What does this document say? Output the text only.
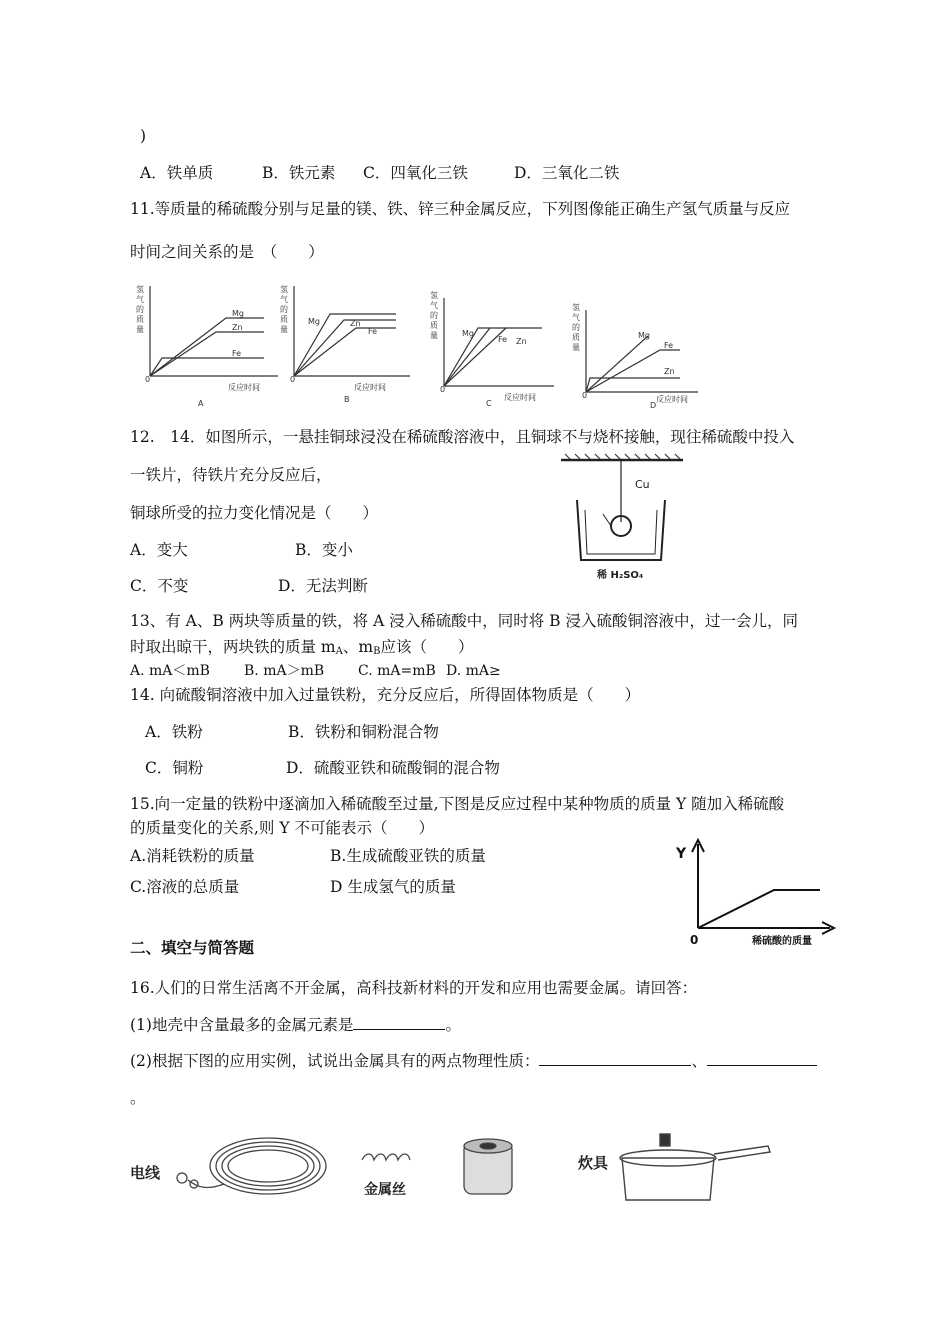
)
A．铁单质	B．铁元素 C．四氧化三铁	D．三氧化二铁
11.等质量的稀硫酸分别与足量的镁、铁、锌三种金属反应，下列图像能正确生产氢气质量与反应
时间之间关系的是　（　　）
氢
气
的
质
量
0
Mg
Zn
Fe
反应时间
A
氢
气
的
质
量
0
Mg	Zn
Fe
反应时间
B
氢
气
的
质
量
0
Mg
Fe Zn
反应时间
C
氢
气
的
质
量
0
Mg
Fe
Zn
反应时间
D
12.　14．如图所示，一悬挂铜球浸没在稀硫酸溶液中，且铜球不与烧杯接触，现往稀硫酸中投入
一铁片，待铁片充分反应后，
铜球所受的拉力变化情况是（　　）
A．变大	B．变小
C．不变	D．无法判断
Cu
稀 H₂SO₄
13、有 A、B 两块等质量的铁，将 A 浸入稀硫酸中，同时将 B 浸入硫酸铜溶液中，过一会儿，同
时取出晾干，两块铁的质量 $m_A$、$m_B$应该（　　）
A. mA＜mB B. mA＞mB C. mA=mB D. mA≥
14. 向硫酸铜溶液中加入过量铁粉，充分反应后，所得固体物质是（　　）
A．铁粉	B．铁粉和铜粉混合物
C．铜粉	D．硫酸亚铁和硫酸铜的混合物
15.向一定量的铁粉中逐滴加入稀硫酸至过量,下图是反应过程中某种物质的质量 Y 随加入稀硫酸
的质量变化的关系,则 Y 不可能表示（　　）
A.消耗铁粉的质量	B.生成硫酸亚铁的质量
C.溶液的总质量	D 生成氢气的质量
Y
0	稀硫酸的质量
二、填空与简答题
16.人们的日常生活离不开金属，高科技新材料的开发和应用也需要金属。请回答：
(1)地壳中含量最多的金属元素是	。
(2)根据下图的应用实例，试说出金属具有的两点物理性质：	、
。
电线
金属丝
炊具
